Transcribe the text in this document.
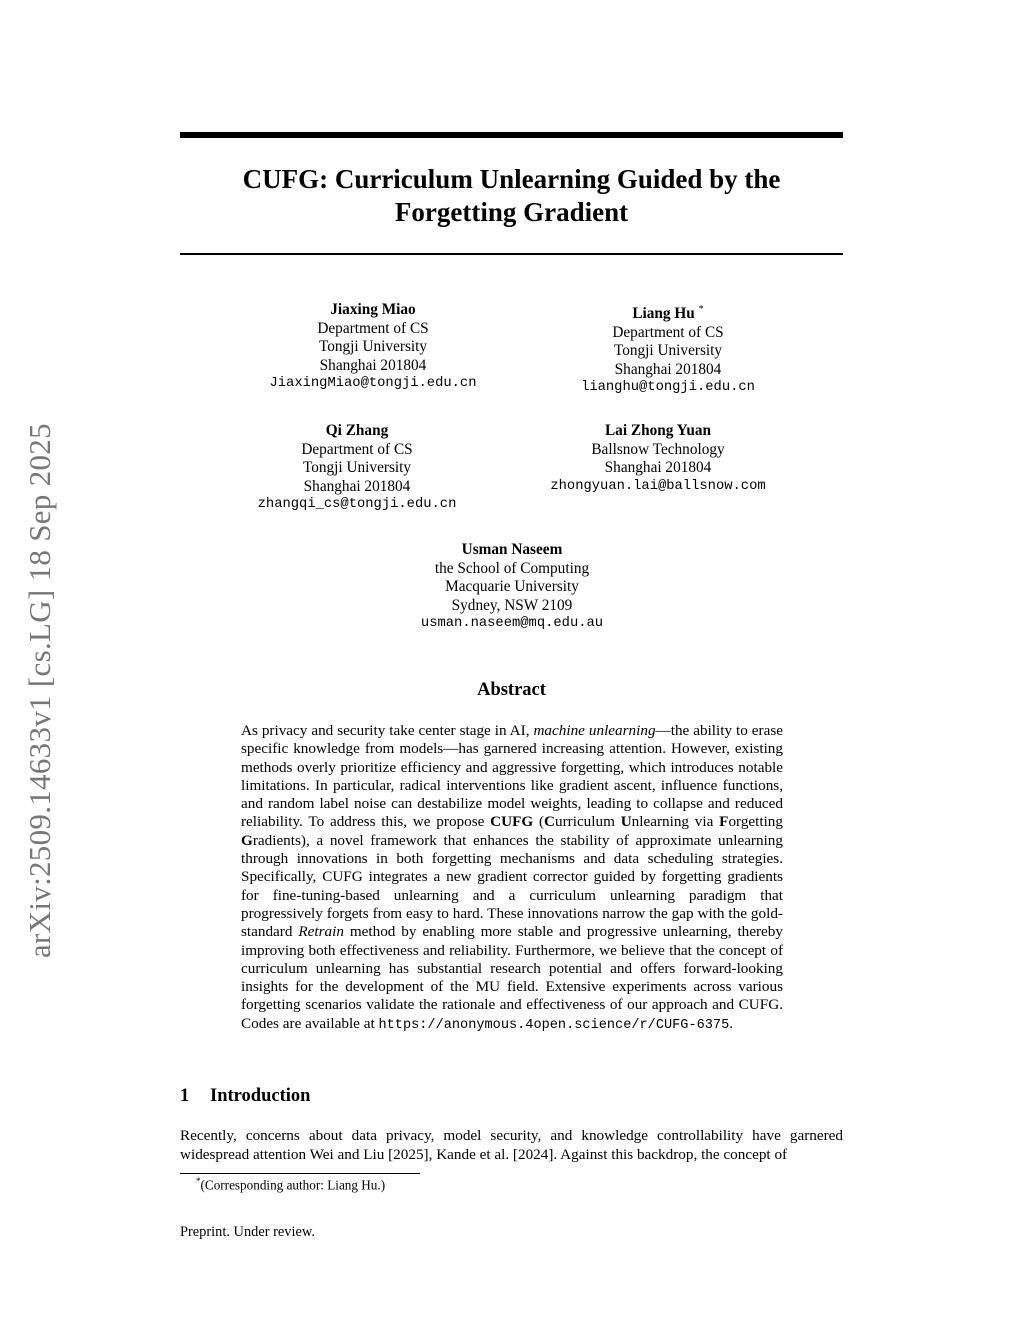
arXiv:2509.14633v1 [cs.LG] 18 Sep 2025
CUFG: Curriculum Unlearning Guided by the
Forgetting Gradient
Jiaxing Miao
Department of CS
Tongji University
Shanghai 201804
JiaxingMiao@tongji.edu.cn
Liang Hu *
Department of CS
Tongji University
Shanghai 201804
lianghu@tongji.edu.cn
Qi Zhang
Department of CS
Tongji University
Shanghai 201804
zhangqi_cs@tongji.edu.cn
Lai Zhong Yuan
Ballsnow Technology
Shanghai 201804
zhongyuan.lai@ballsnow.com
Usman Naseem
the School of Computing
Macquarie University
Sydney, NSW 2109
usman.naseem@mq.edu.au
Abstract
As privacy and security take center stage in AI, machine unlearning—the ability to erase specific knowledge from models—has garnered increasing attention. However, existing methods overly prioritize efficiency and aggressive forgetting, which introduces notable limitations. In particular, radical interventions like gradient ascent, influence functions, and random label noise can destabilize model weights, leading to collapse and reduced reliability. To address this, we propose CUFG (Curriculum Unlearning via Forgetting Gradients), a novel framework that enhances the stability of approximate unlearning through innovations in both forgetting mechanisms and data scheduling strategies. Specifically, CUFG integrates a new gradient corrector guided by forgetting gradients for fine-tuning-based unlearning and a curriculum unlearning paradigm that progressively forgets from easy to hard. These innovations narrow the gap with the gold-standard Retrain method by enabling more stable and progressive unlearning, thereby improving both effectiveness and reliability. Furthermore, we believe that the concept of curriculum unlearning has substantial research potential and offers forward-looking insights for the development of the MU field. Extensive experiments across various forgetting scenarios validate the rationale and effectiveness of our approach and CUFG. Codes are available at https://anonymous.4open.science/r/CUFG-6375.
1 Introduction
Recently, concerns about data privacy, model security, and knowledge controllability have garnered widespread attention Wei and Liu [2025], Kande et al. [2024]. Against this backdrop, the concept of
*(Corresponding author: Liang Hu.)
Preprint. Under review.
